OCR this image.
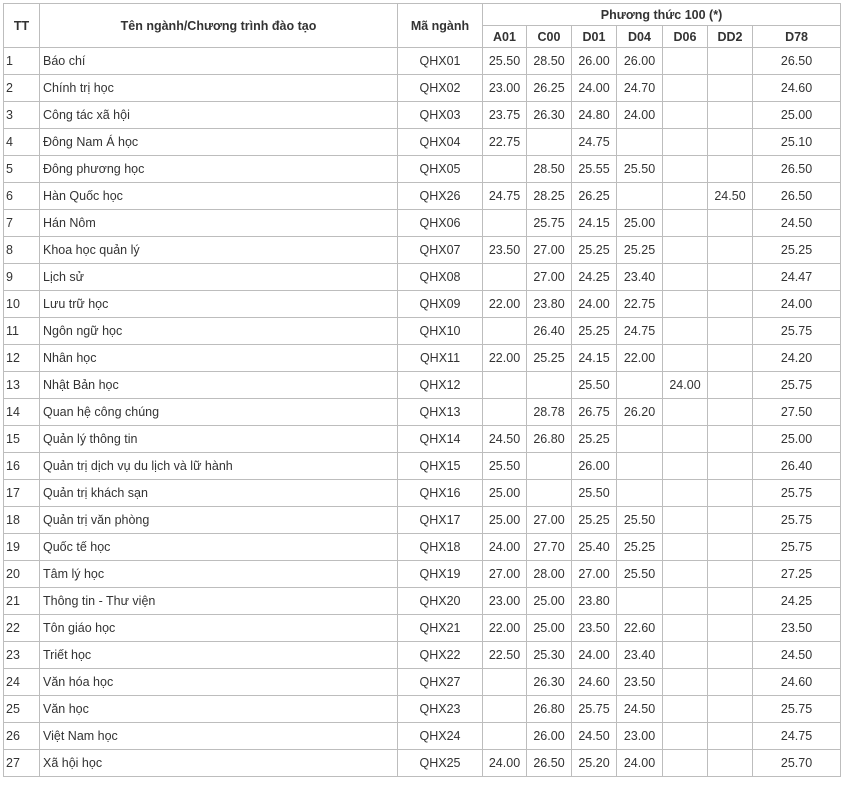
TT	Tên ngành/Chương trình đào tạo	Mã ngành	Phương thức 100 (*)						
			A01	C00	D01	D04	D06	DD2	D78
1	Báo chí	QHX01	25.50	28.50	26.00	26.00			26.50
2	Chính trị học	QHX02	23.00	26.25	24.00	24.70			24.60
3	Công tác xã hội	QHX03	23.75	26.30	24.80	24.00			25.00
4	Đông Nam Á học	QHX04	22.75		24.75				25.10
5	Đông phương học	QHX05		28.50	25.55	25.50			26.50
6	Hàn Quốc học	QHX26	24.75	28.25	26.25			24.50	26.50
7	Hán Nôm	QHX06		25.75	24.15	25.00			24.50
8	Khoa học quản lý	QHX07	23.50	27.00	25.25	25.25			25.25
9	Lịch sử	QHX08		27.00	24.25	23.40			24.47
10	Lưu trữ học	QHX09	22.00	23.80	24.00	22.75			24.00
11	Ngôn ngữ học	QHX10		26.40	25.25	24.75			25.75
12	Nhân học	QHX11	22.00	25.25	24.15	22.00			24.20
13	Nhật Bản học	QHX12			25.50		24.00		25.75
14	Quan hệ công chúng	QHX13		28.78	26.75	26.20			27.50
15	Quản lý thông tin	QHX14	24.50	26.80	25.25				25.00
16	Quản trị dịch vụ du lịch và lữ hành	QHX15	25.50		26.00				26.40
17	Quản trị khách sạn	QHX16	25.00		25.50				25.75
18	Quản trị văn phòng	QHX17	25.00	27.00	25.25	25.50			25.75
19	Quốc tế học	QHX18	24.00	27.70	25.40	25.25			25.75
20	Tâm lý học	QHX19	27.00	28.00	27.00	25.50			27.25
21	Thông tin - Thư viện	QHX20	23.00	25.00	23.80				24.25
22	Tôn giáo học	QHX21	22.00	25.00	23.50	22.60			23.50
23	Triết học	QHX22	22.50	25.30	24.00	23.40			24.50
24	Văn hóa học	QHX27		26.30	24.60	23.50			24.60
25	Văn học	QHX23		26.80	25.75	24.50			25.75
26	Việt Nam học	QHX24		26.00	24.50	23.00			24.75
27	Xã hội học	QHX25	24.00	26.50	25.20	24.00			25.70
